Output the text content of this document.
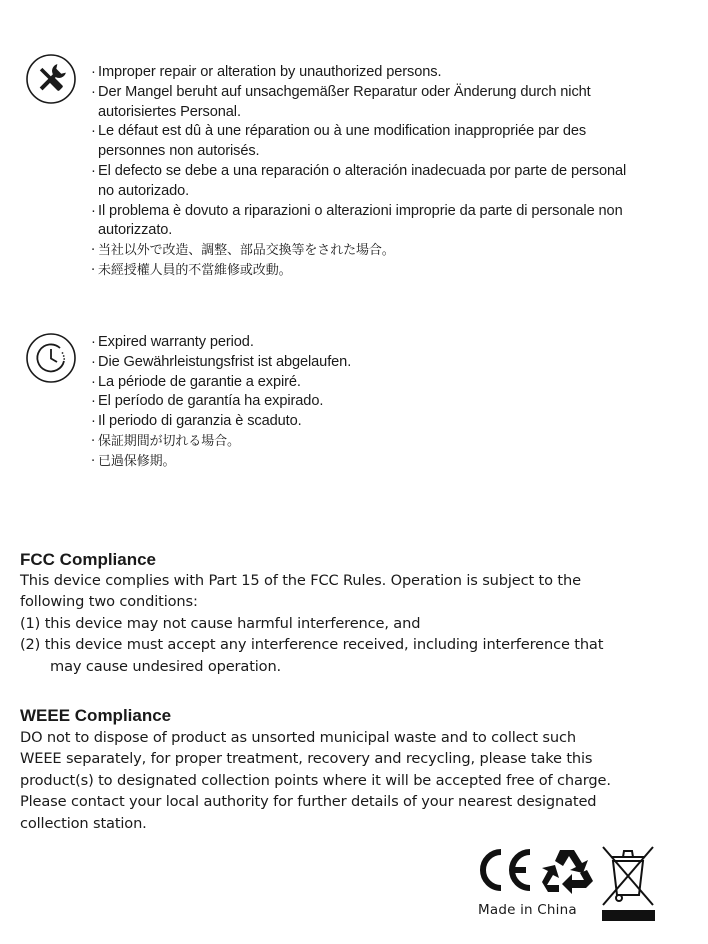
· Improper repair or alteration by unauthorized persons.
· Der Mangel beruht auf unsachgemäßer Reparatur oder Änderung durch nicht autorisiertes Personal.
· Le défaut est dû à une réparation ou à une modification inappropriée par des personnes non autorisés.
· El defecto se debe a una reparación o alteración inadecuada por parte de personal no autorizado.
· Il problema è dovuto a riparazioni o alterazioni improprie da parte di personale non autorizzato.
· 当社以外で改造、調整、部品交換等をされた場合。
· 未經授權人員的不當維修或改動。
· Expired warranty period.
· Die Gewährleistungsfrist ist abgelaufen.
· La période de garantie a expiré.
· El período de garantía ha expirado.
· Il periodo di garanzia è scaduto.
· 保証期間が切れる場合。
· 已過保修期。
FCC Compliance

This device complies with Part 15 of the FCC Rules. Operation is subject to the
following two conditions:
(1) this device may not cause harmful interference, and
(2) this device must accept any interference received, including interference that
may cause undesired operation.

WEEE Compliance

DO not to dispose of product as unsorted municipal waste and to collect such
WEEE separately, for proper treatment, recovery and recycling, please take this
product(s) to designated collection points where it will be accepted free of charge.
Please contact your local authority for further details of your nearest designated
collection station.

Made in China
